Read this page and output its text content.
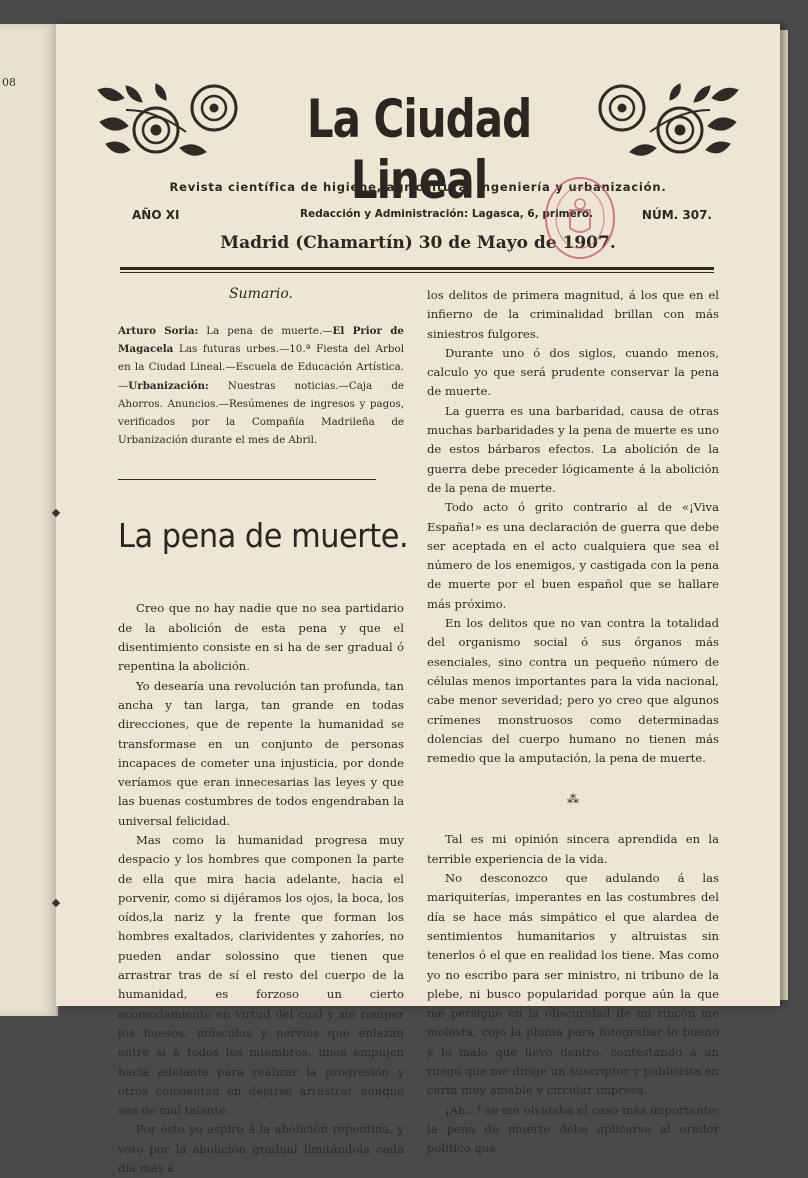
08
La Ciudad Lineal
Revista científica de higiene, agricultura, ingeniería y urbanización.
AÑO XI	Redacción y Administración: Lagasca, 6, primero.	NÚM. 307.
Madrid (Chamartín) 30 de Mayo de 1907.
Sumario.

Arturo Soria: La pena de muerte.—El Prior de Magacela Las futuras urbes.—10.ª Fiesta del Arbol en la Ciudad Lineal.—Escuela de Educación Artística.—Urbanización: Nuestras noticias.—Caja de Ahorros. Anuncios.—Resúmenes de ingresos y pagos, verificados por la Compañía Madrileña de Urbanización durante el mes de Abril.

La pena de muerte.

Creo que no hay nadie que no sea partidario de la abolición de esta pena y que el disentimiento consiste en si ha de ser gradual ó repentina la abolición.

Yo desearía una revolución tan profunda, tan ancha y tan larga, tan grande en todas direcciones, que de repente la humanidad se transformase en un conjunto de personas incapaces de cometer una injusticia, por donde veríamos que eran innecesarias las leyes y que las buenas costumbres de todos engendraban la universal felicidad.

Mas como la humanidad progresa muy despacio y los hombres que componen la parte de ella que mira hacia adelante, hacia el porvenir, como si dijéramos los ojos, la boca, los oídos,la nariz y la frente que forman los hombres exaltados, clarividentes y zahoríes, no pueden andar solossino que tienen que arrastrar tras de sí el resto del cuerpo de la humanidad, es forzoso un cierto acomodamiento en virtud del cual y sin romper los huesos, músculos y nervios que enlazan entre sí á todos los miembros, unos empujen hacia adelante para realizar la progresión y otros consientan en dejarse arrastrar aunque sea de mal talante.

Por esto yo aspiro á la abolición repentina, y voto por la abolición gradual limitándola cada día más á

los delitos de primera magnitud, á los que en el infierno de la criminalidad brillan con más siniestros fulgores.

Durante uno ó dos siglos, cuando menos, calculo yo que será prudente conservar la pena de muerte.

La guerra es una barbaridad, causa de otras muchas barbaridades y la pena de muerte es uno de estos bárbaros efectos. La abolición de la guerra debe preceder lógicamente á la abolición de la pena de muerte.

Todo acto ó grito contrario al de «¡Viva España!» es una declaración de guerra que debe ser aceptada en el acto cualquiera que sea el número de los enemigos, y castigada con la pena de muerte por el buen español que se hallare más próximo.

En los delitos que no van contra la totalidad del organismo social ó sus órganos más esenciales, sino contra un pequeño número de células menos importantes para la vida nacional, cabe menor severidad; pero yo creo que algunos crímenes monstruosos como determinadas dolencias del cuerpo humano no tienen más remedio que la amputación, la pena de muerte.

⁂

Tal es mi opinión sincera aprendida en la terrible experiencia de la vida.

No desconozco que adulando á las mariquiterías, imperantes en las costumbres del día se hace más simpático el que alardea de sentimientos humanitarios y altruistas sin tenerlos ó el que en realidad los tiene. Mas como yo no escribo para ser ministro, ni tribuno de la plebe, ni busco popularidad porque aún la que me persigue en la obscuridad de mi rincón me molesta, cojo la pluma para fotografiar lo bueno y lo malo que llevo dentro, contestando á un ruego que me dirige un suscriptor y publicista en carta muy amable y circular impresa.

¡Ah...! se me olvidaba el caso más importante: la pena de muerte debe aplicarse al orador político que
